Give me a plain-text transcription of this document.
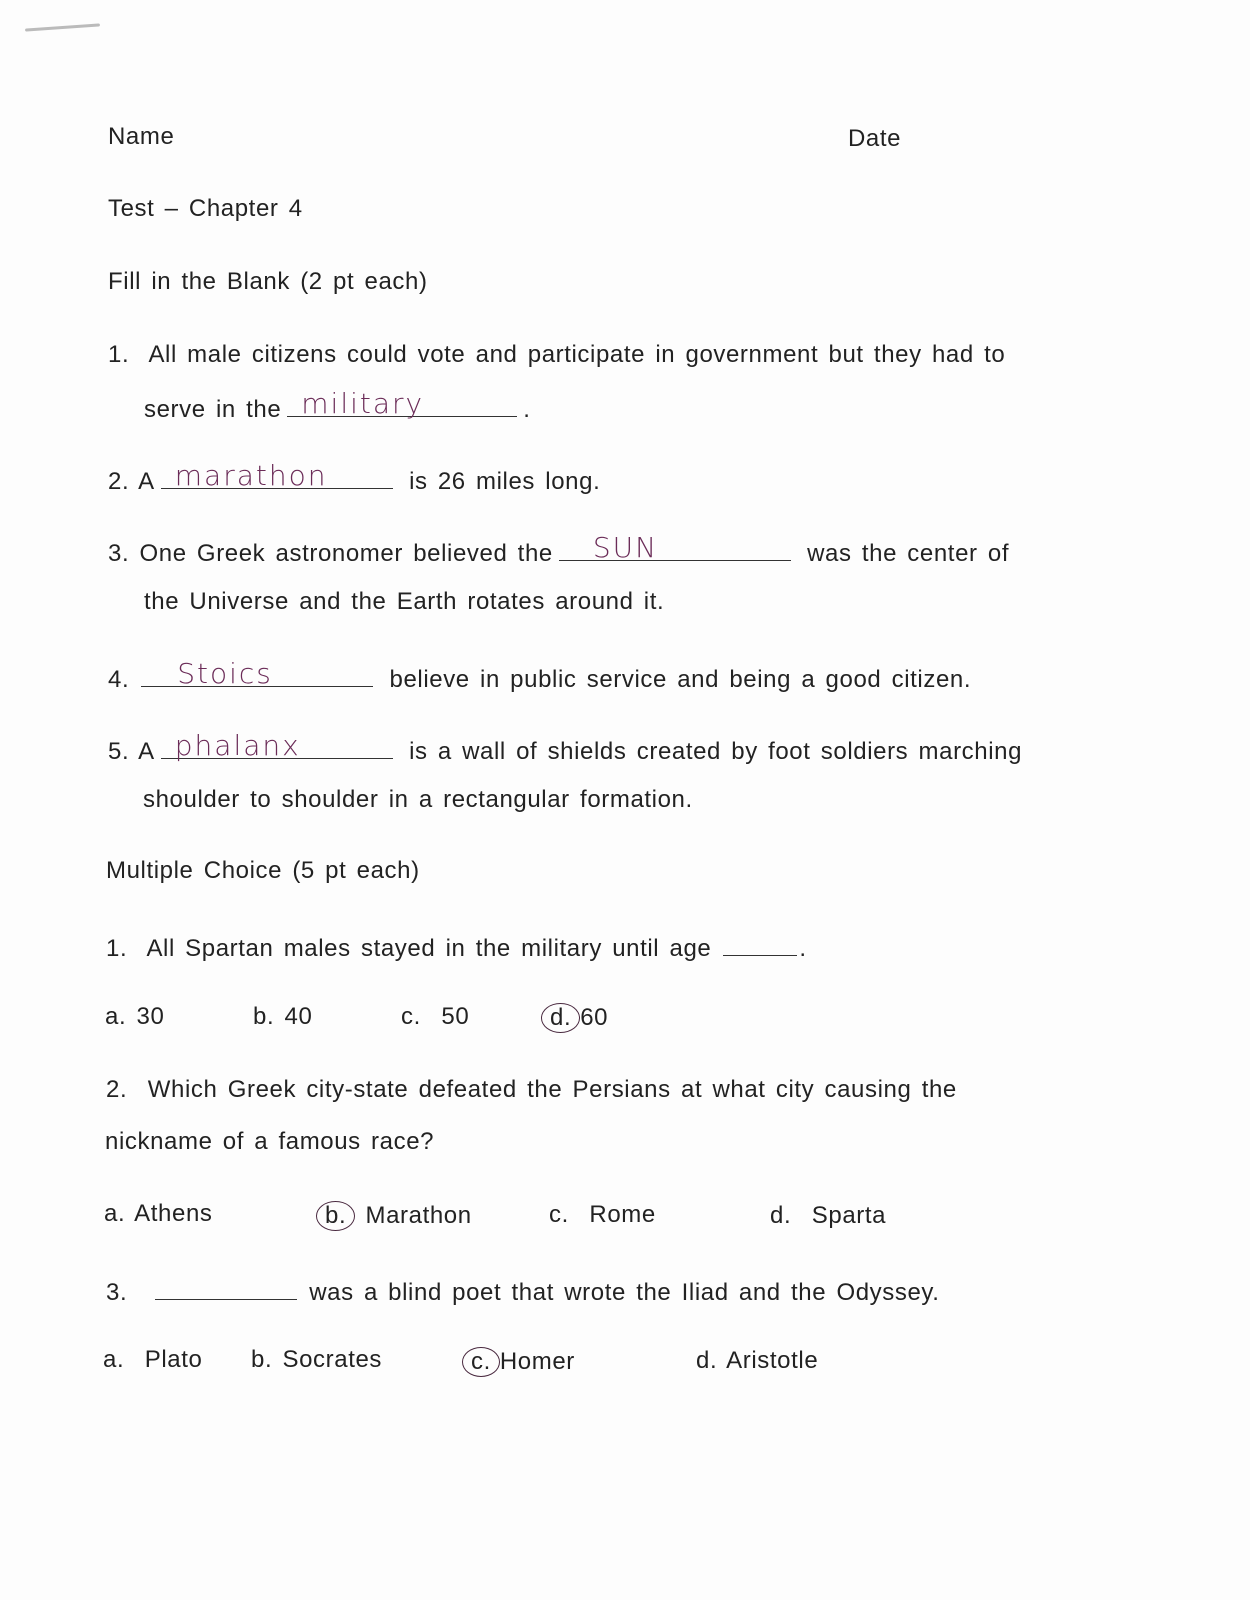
Name	Date
Test – Chapter 4
Fill in the Blank (2 pt each)
1. All male citizens could vote and participate in government but they had to
serve in the military	.
2. A marathon	is 26 miles long.
3. One Greek astronomer believed the SUN	was the center of
the Universe and the Earth rotates around it.
4. Stoics	believe in public service and being a good citizen.
5. A phalanx	is a wall of shields created by foot soldiers marching
shoulder to shoulder in a rectangular formation.
Multiple Choice (5 pt each)
1. All Spartan males stayed in the military until age	.
a. 30	b. 40	c. 50	d. 60
2. Which Greek city-state defeated the Persians at what city causing the
nickname of a famous race?
a. Athens	b. Marathon	c. Rome	d. Sparta
3.	was a blind poet that wrote the Iliad and the Odyssey.
a. Plato b. Socrates	c. Homer	d. Aristotle
